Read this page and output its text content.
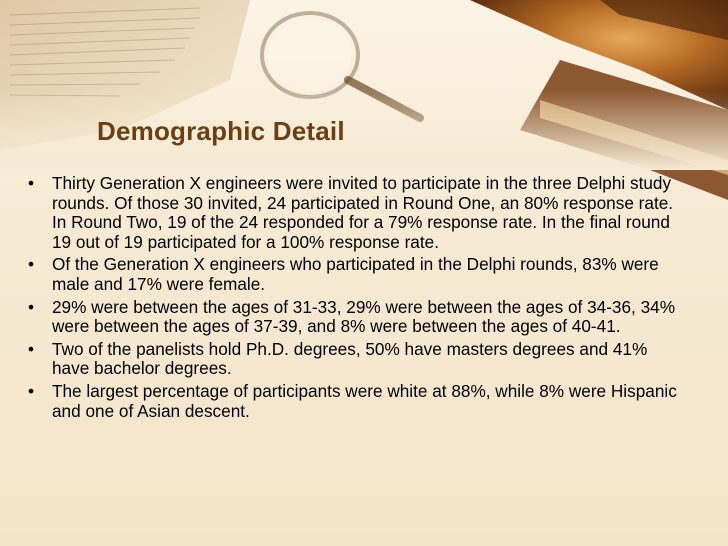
Demographic Detail
• Thirty Generation X engineers were invited to participate in the three Delphi study rounds. Of those 30 invited, 24 participated in Round One, an 80% response rate. In Round Two, 19 of the 24 responded for a 79% response rate. In the final round 19 out of 19 participated for a 100% response rate.
• Of the Generation X engineers who participated in the Delphi rounds, 83% were male and 17% were female.
• 29% were between the ages of 31-33, 29% were between the ages of 34-36, 34% were between the ages of 37-39, and 8% were between the ages of 40-41.
• Two of the panelists hold Ph.D. degrees, 50% have masters degrees and 41% have bachelor degrees.
• The largest percentage of participants were white at 88%, while 8% were Hispanic and one of Asian descent.
